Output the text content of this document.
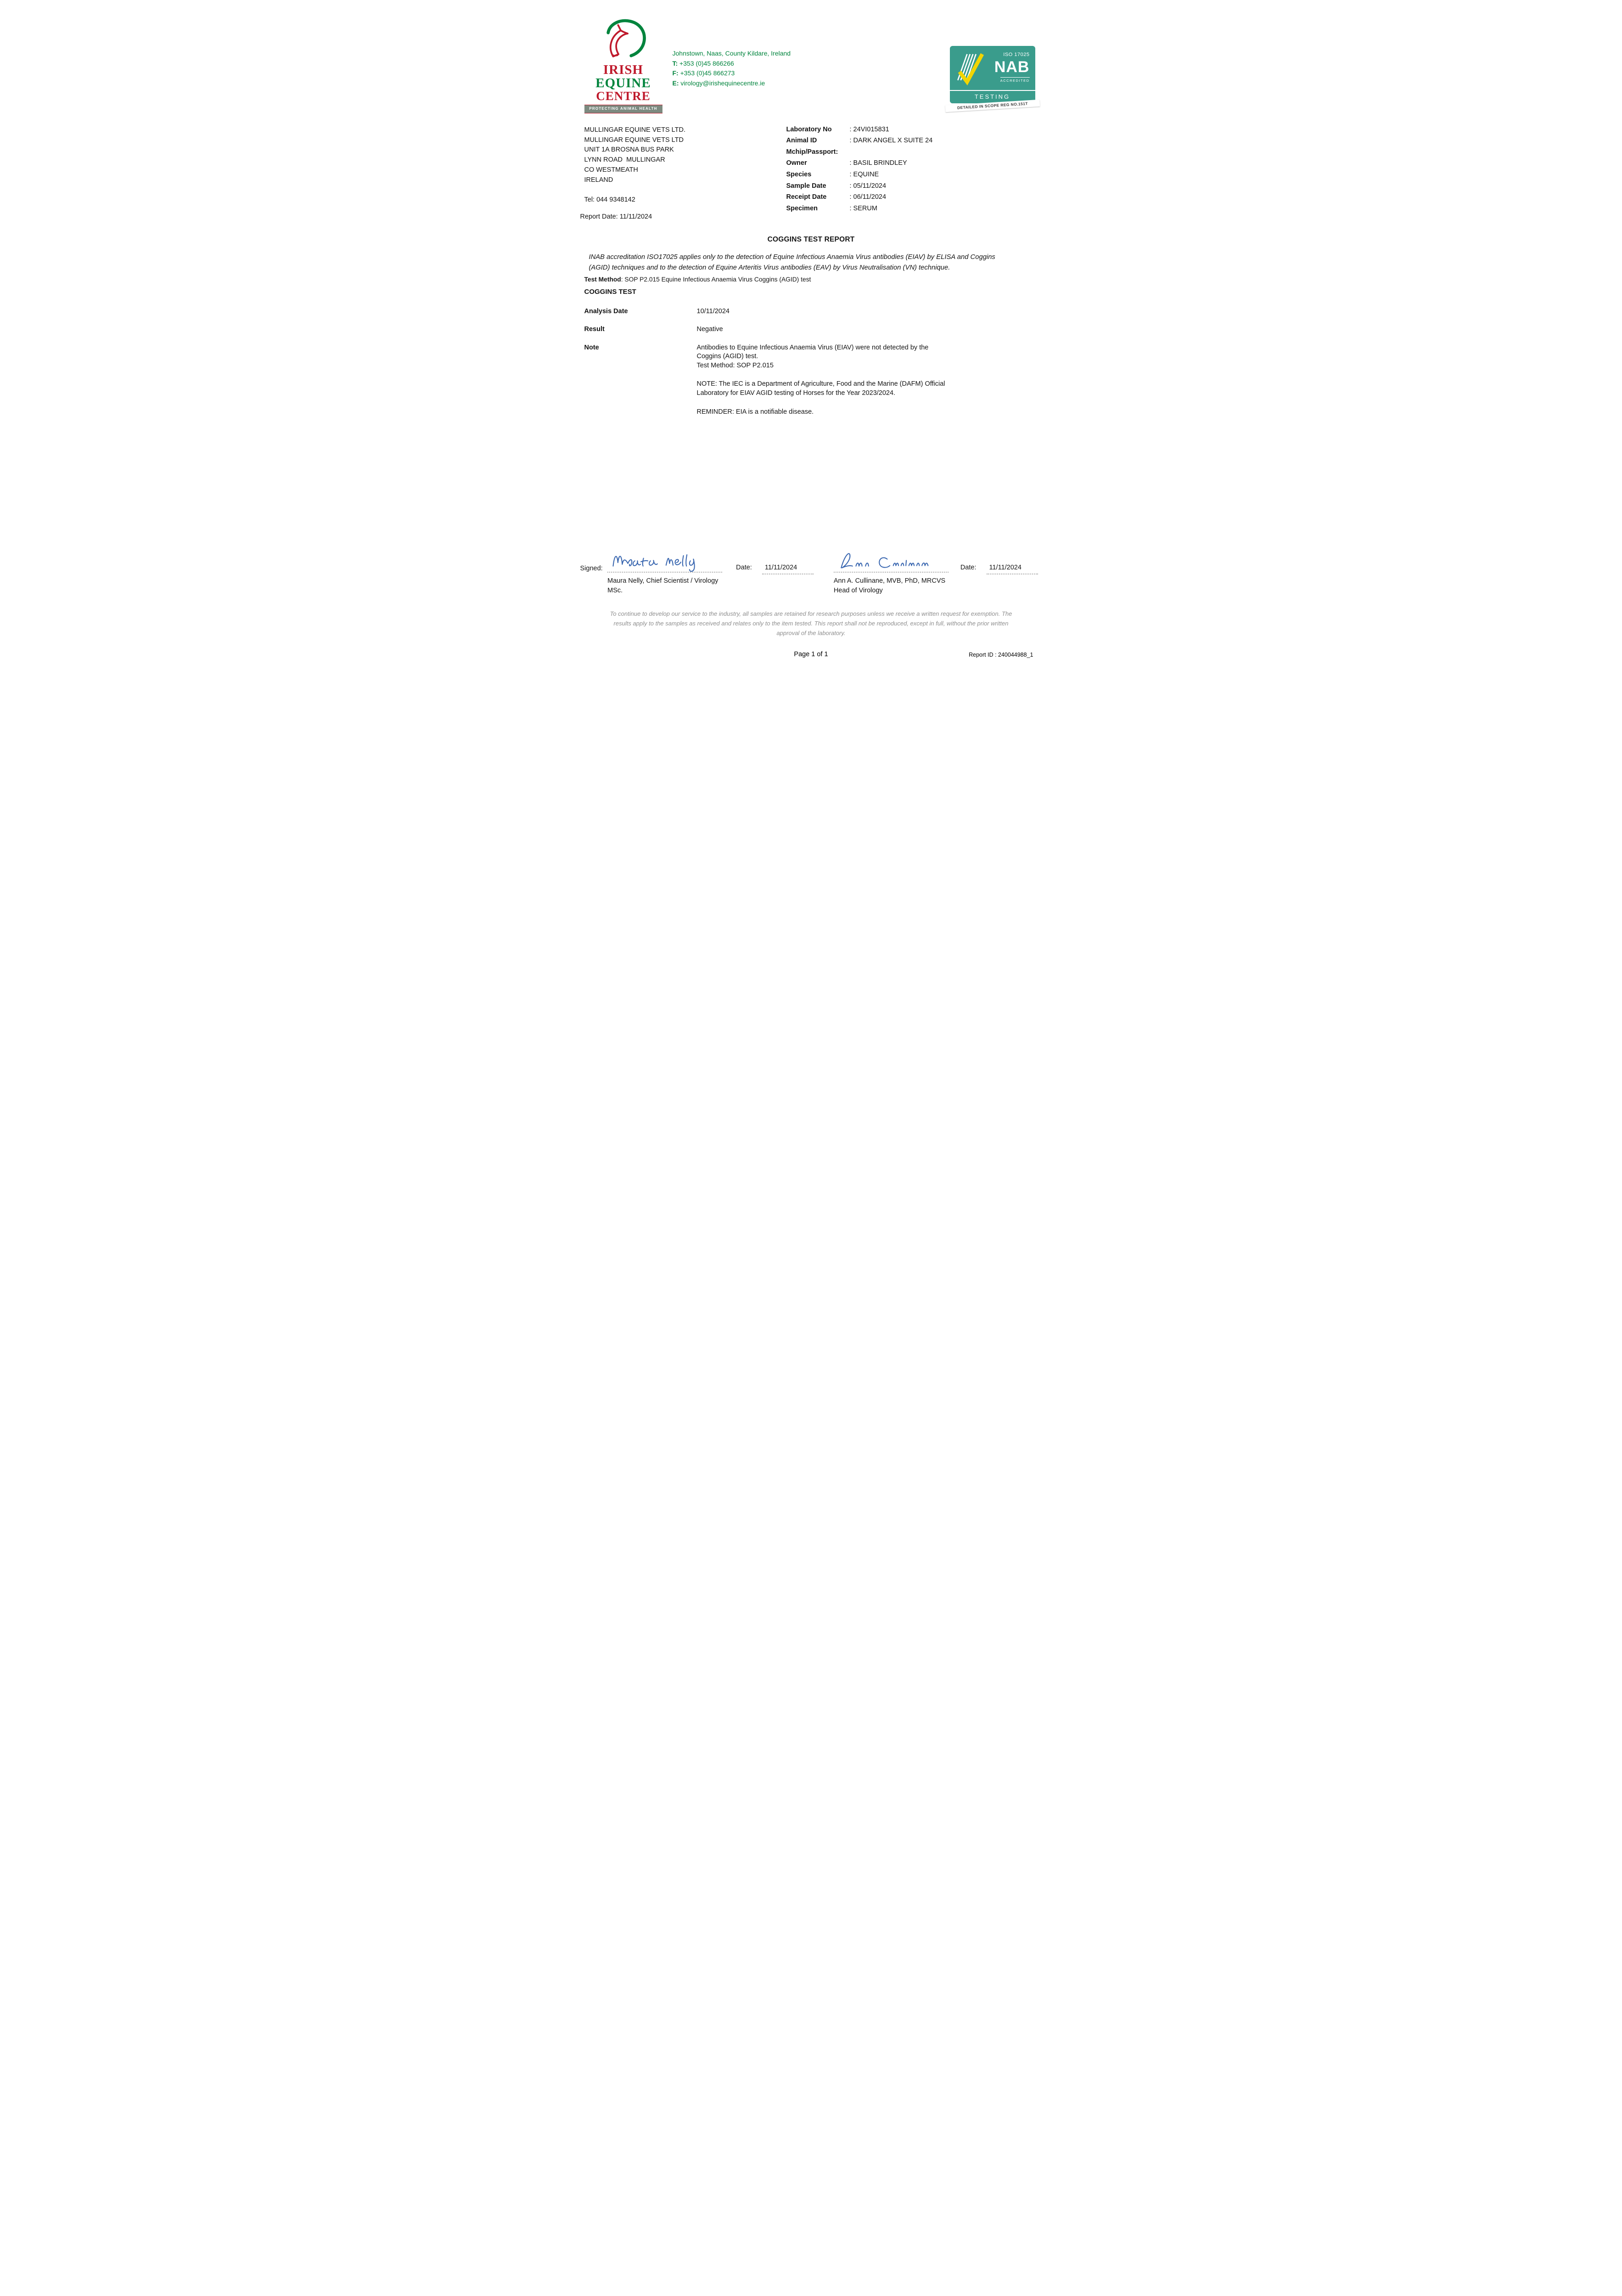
IRISH
EQUINE
CENTRE
PROTECTING ANIMAL HEALTH
Johnstown, Naas, County Kildare, Ireland
T: +353 (0)45 866266
F: +353 (0)45 866273
E: virology@irishequinecentre.ie
ISO 17025
NAB
ACCREDITED
TESTING
DETAILED IN SCOPE REG NO.151T
MULLINGAR EQUINE VETS LTD.
MULLINGAR EQUINE VETS LTD
UNIT 1A BROSNA BUS PARK
LYNN ROAD  MULLINGAR
CO WESTMEATH
IRELAND
Tel: 044 9348142
Report Date: 11/11/2024
Laboratory No	: 24VI015831
Animal ID	: DARK ANGEL X SUITE 24
Mchip/Passport:
Owner	: BASIL BRINDLEY
Species	: EQUINE
Sample Date	: 05/11/2024
Receipt Date	: 06/11/2024
Specimen	: SERUM
COGGINS TEST REPORT

INAB accreditation ISO17025 applies only to the detection of Equine Infectious Anaemia Virus antibodies (EIAV) by ELISA and Coggins (AGID) techniques and to the detection of Equine Arteritis Virus antibodies (EAV) by Virus Neutralisation (VN) technique.

Test Method: SOP P2.015 Equine Infectious Anaemia Virus Coggins (AGID) test
COGGINS TEST
Analysis Date	10/11/2024
Result	Negative
Note	Antibodies to Equine Infectious Anaemia Virus (EIAV) were not detected by the Coggins (AGID) test.

Test Method: SOP P2.015

NOTE: The IEC is a Department of Agriculture, Food and the Marine (DAFM) Official Laboratory for EIAV AGID testing of Horses for the Year 2023/2024.

REMINDER: EIA is a notifiable disease.

Signed:
Maura Nelly, Chief Scientist / Virology
MSc.
Date:	11/11/2024
Ann A. Cullinane, MVB, PhD, MRCVS
Head of Virology
Date:	11/11/2024
To continue to develop our service to the industry, all samples are retained for research purposes unless we receive a written request for exemption. The results apply to the samples as received and relates only to the item tested. This report shall not be reproduced, except in full, without the prior written approval of the laboratory.
Page 1 of 1	Report ID : 240044988_1
